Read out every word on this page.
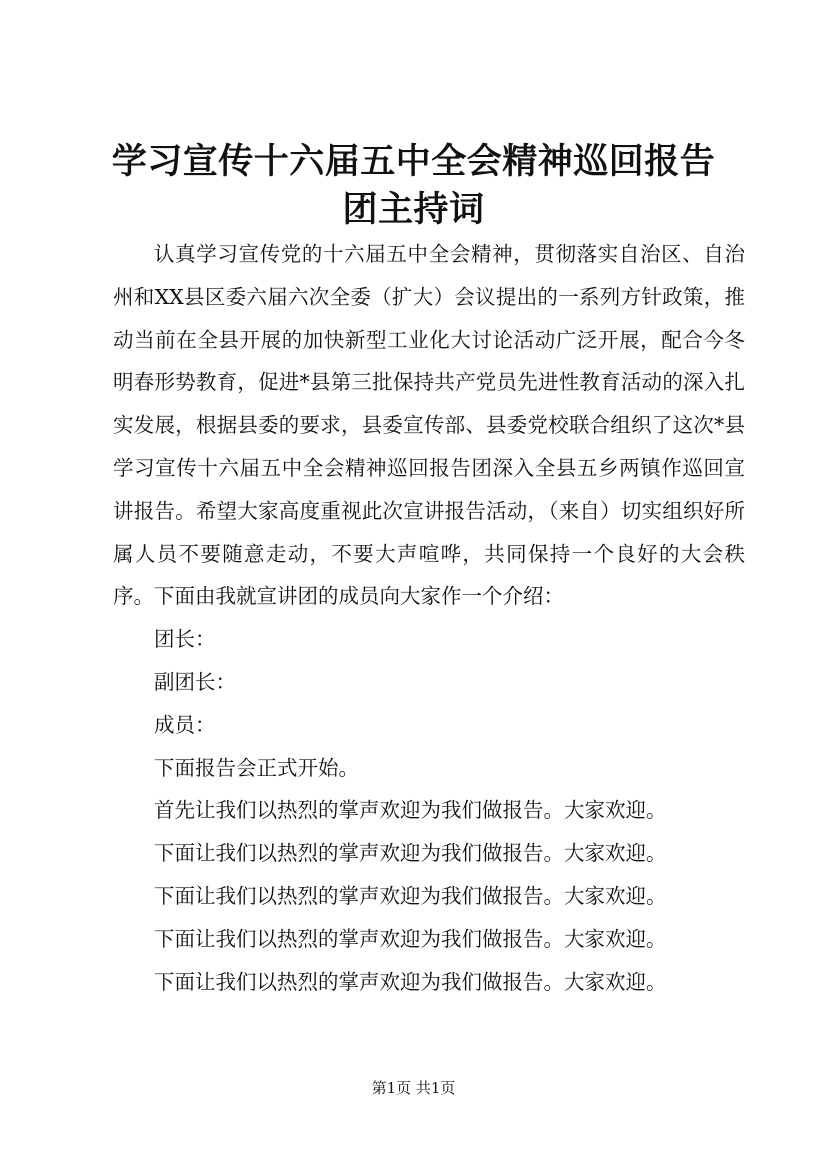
学习宣传十六届五中全会精神巡回报告团主持词

认真学习宣传党的十六届五中全会精神，贯彻落实自治区、自治州和XX县区委六届六次全委（扩大）会议提出的一系列方针政策，推动当前在全县开展的加快新型工业化大讨论活动广泛开展，配合今冬明春形势教育，促进*县第三批保持共产党员先进性教育活动的深入扎实发展，根据县委的要求，县委宣传部、县委党校联合组织了这次*县学习宣传十六届五中全会精神巡回报告团深入全县五乡两镇作巡回宣讲报告。希望大家高度重视此次宣讲报告活动，（来自）切实组织好所属人员不要随意走动，不要大声喧哗，共同保持一个良好的大会秩序。下面由我就宣讲团的成员向大家作一个介绍：

团长：

副团长：

成员：

下面报告会正式开始。

首先让我们以热烈的掌声欢迎为我们做报告。大家欢迎。

下面让我们以热烈的掌声欢迎为我们做报告。大家欢迎。

下面让我们以热烈的掌声欢迎为我们做报告。大家欢迎。

下面让我们以热烈的掌声欢迎为我们做报告。大家欢迎。

下面让我们以热烈的掌声欢迎为我们做报告。大家欢迎。

第1页 共1页
